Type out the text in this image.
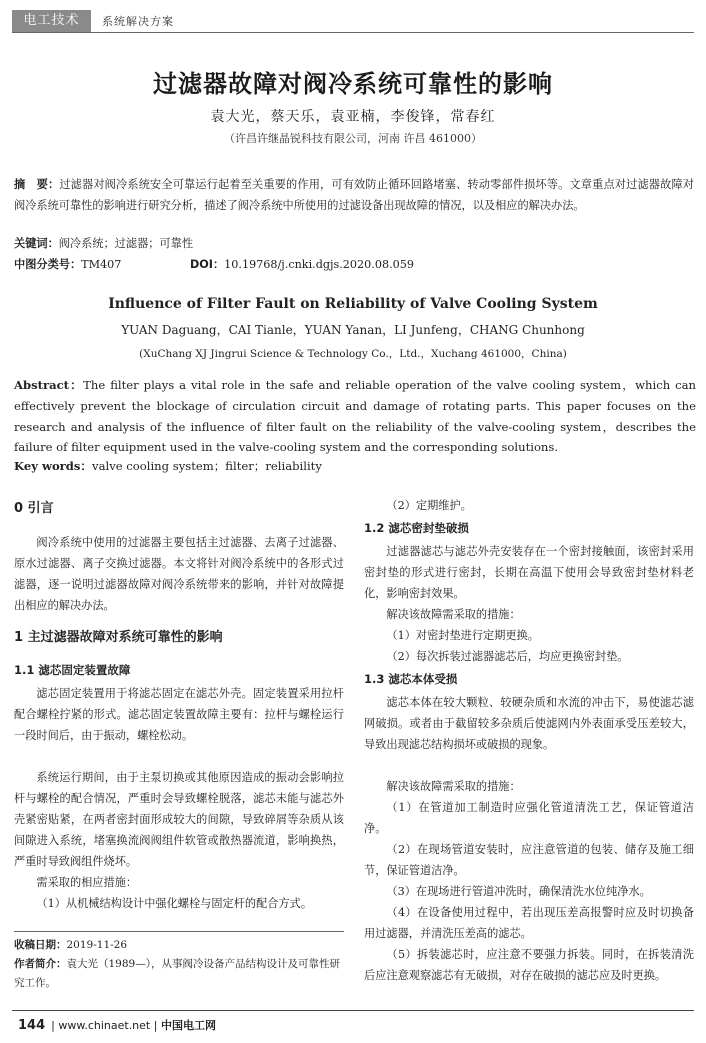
电工技术	系统解决方案
过滤器故障对阀冷系统可靠性的影响
袁大光，蔡天乐，袁亚楠，李俊锋，常春红
（许昌许继晶锐科技有限公司，河南 许昌 461000）
摘　要：过滤器对阀冷系统安全可靠运行起着至关重要的作用，可有效防止循环回路堵塞、转动零部件损坏等。文章重点对过滤器故障对阀冷系统可靠性的影响进行研究分析，描述了阀冷系统中所使用的过滤设备出现故障的情况，以及相应的解决办法。
关键词：阀冷系统；过滤器；可靠性
中图分类号：TM407	DOI：10.19768/j.cnki.dgjs.2020.08.059
Influence of Filter Fault on Reliability of Valve Cooling System
YUAN Daguang，CAI Tianle，YUAN Yanan，LI Junfeng，CHANG Chunhong
(XuChang XJ Jingrui Science & Technology Co.，Ltd.，Xuchang 461000，China)
Abstract：The filter plays a vital role in the safe and reliable operation of the valve cooling system，which can effectively prevent the blockage of circulation circuit and damage of rotating parts. This paper focuses on the research and analysis of the influence of filter fault on the reliability of the valve-cooling system，describes the failure of filter equipment used in the valve-cooling system and the corresponding solutions.
Key words：valve cooling system；filter；reliability
0 引言
阀冷系统中使用的过滤器主要包括主过滤器、去离子过滤器、原水过滤器、离子交换过滤器。本文将针对阀冷系统中的各形式过滤器，逐一说明过滤器故障对阀冷系统带来的影响，并针对故障提出相应的解决办法。
1 主过滤器故障对系统可靠性的影响
1.1 滤芯固定装置故障
滤芯固定装置用于将滤芯固定在滤芯外壳。固定装置采用拉杆配合螺栓拧紧的形式。滤芯固定装置故障主要有：拉杆与螺栓运行一段时间后，由于振动，螺栓松动。
系统运行期间，由于主泵切换或其他原因造成的振动会影响拉杆与螺栓的配合情况，严重时会导致螺栓脱落，滤芯未能与滤芯外壳紧密贴紧，在两者密封面形成较大的间隙，导致碎屑等杂质从该间隙进入系统，堵塞换流阀阀组件软管或散热器流道，影响换热，严重时导致阀组件烧坏。
需采取的相应措施：
（1）从机械结构设计中强化螺栓与固定杆的配合方式。
收稿日期：2019-11-26
作者简介：袁大光（1989—），从事阀冷设备产品结构设计及可靠性研究工作。
（2）定期维护。
1.2 滤芯密封垫破损
过滤器滤芯与滤芯外壳安装存在一个密封接触面，该密封采用密封垫的形式进行密封，长期在高温下使用会导致密封垫材料老化，影响密封效果。
解决该故障需采取的措施：
（1）对密封垫进行定期更换。
（2）每次拆装过滤器滤芯后，均应更换密封垫。
1.3 滤芯本体受损
滤芯本体在较大颗粒、较硬杂质和水流的冲击下，易使滤芯滤网破损。或者由于截留较多杂质后使滤网内外表面承受压差较大，导致出现滤芯结构损坏或破损的现象。
解决该故障需采取的措施：
（1）在管道加工制造时应强化管道清洗工艺，保证管道洁净。
（2）在现场管道安装时，应注意管道的包装、储存及施工细节，保证管道洁净。
（3）在现场进行管道冲洗时，确保清洗水位纯净水。
（4）在设备使用过程中，若出现压差高报警时应及时切换备用过滤器，并清洗压差高的滤芯。
（5）拆装滤芯时，应注意不要强力拆装。同时，在拆装清洗后应注意观察滤芯有无破损，对存在破损的滤芯应及时更换。
144 | www.chinaet.net | 中国电工网
